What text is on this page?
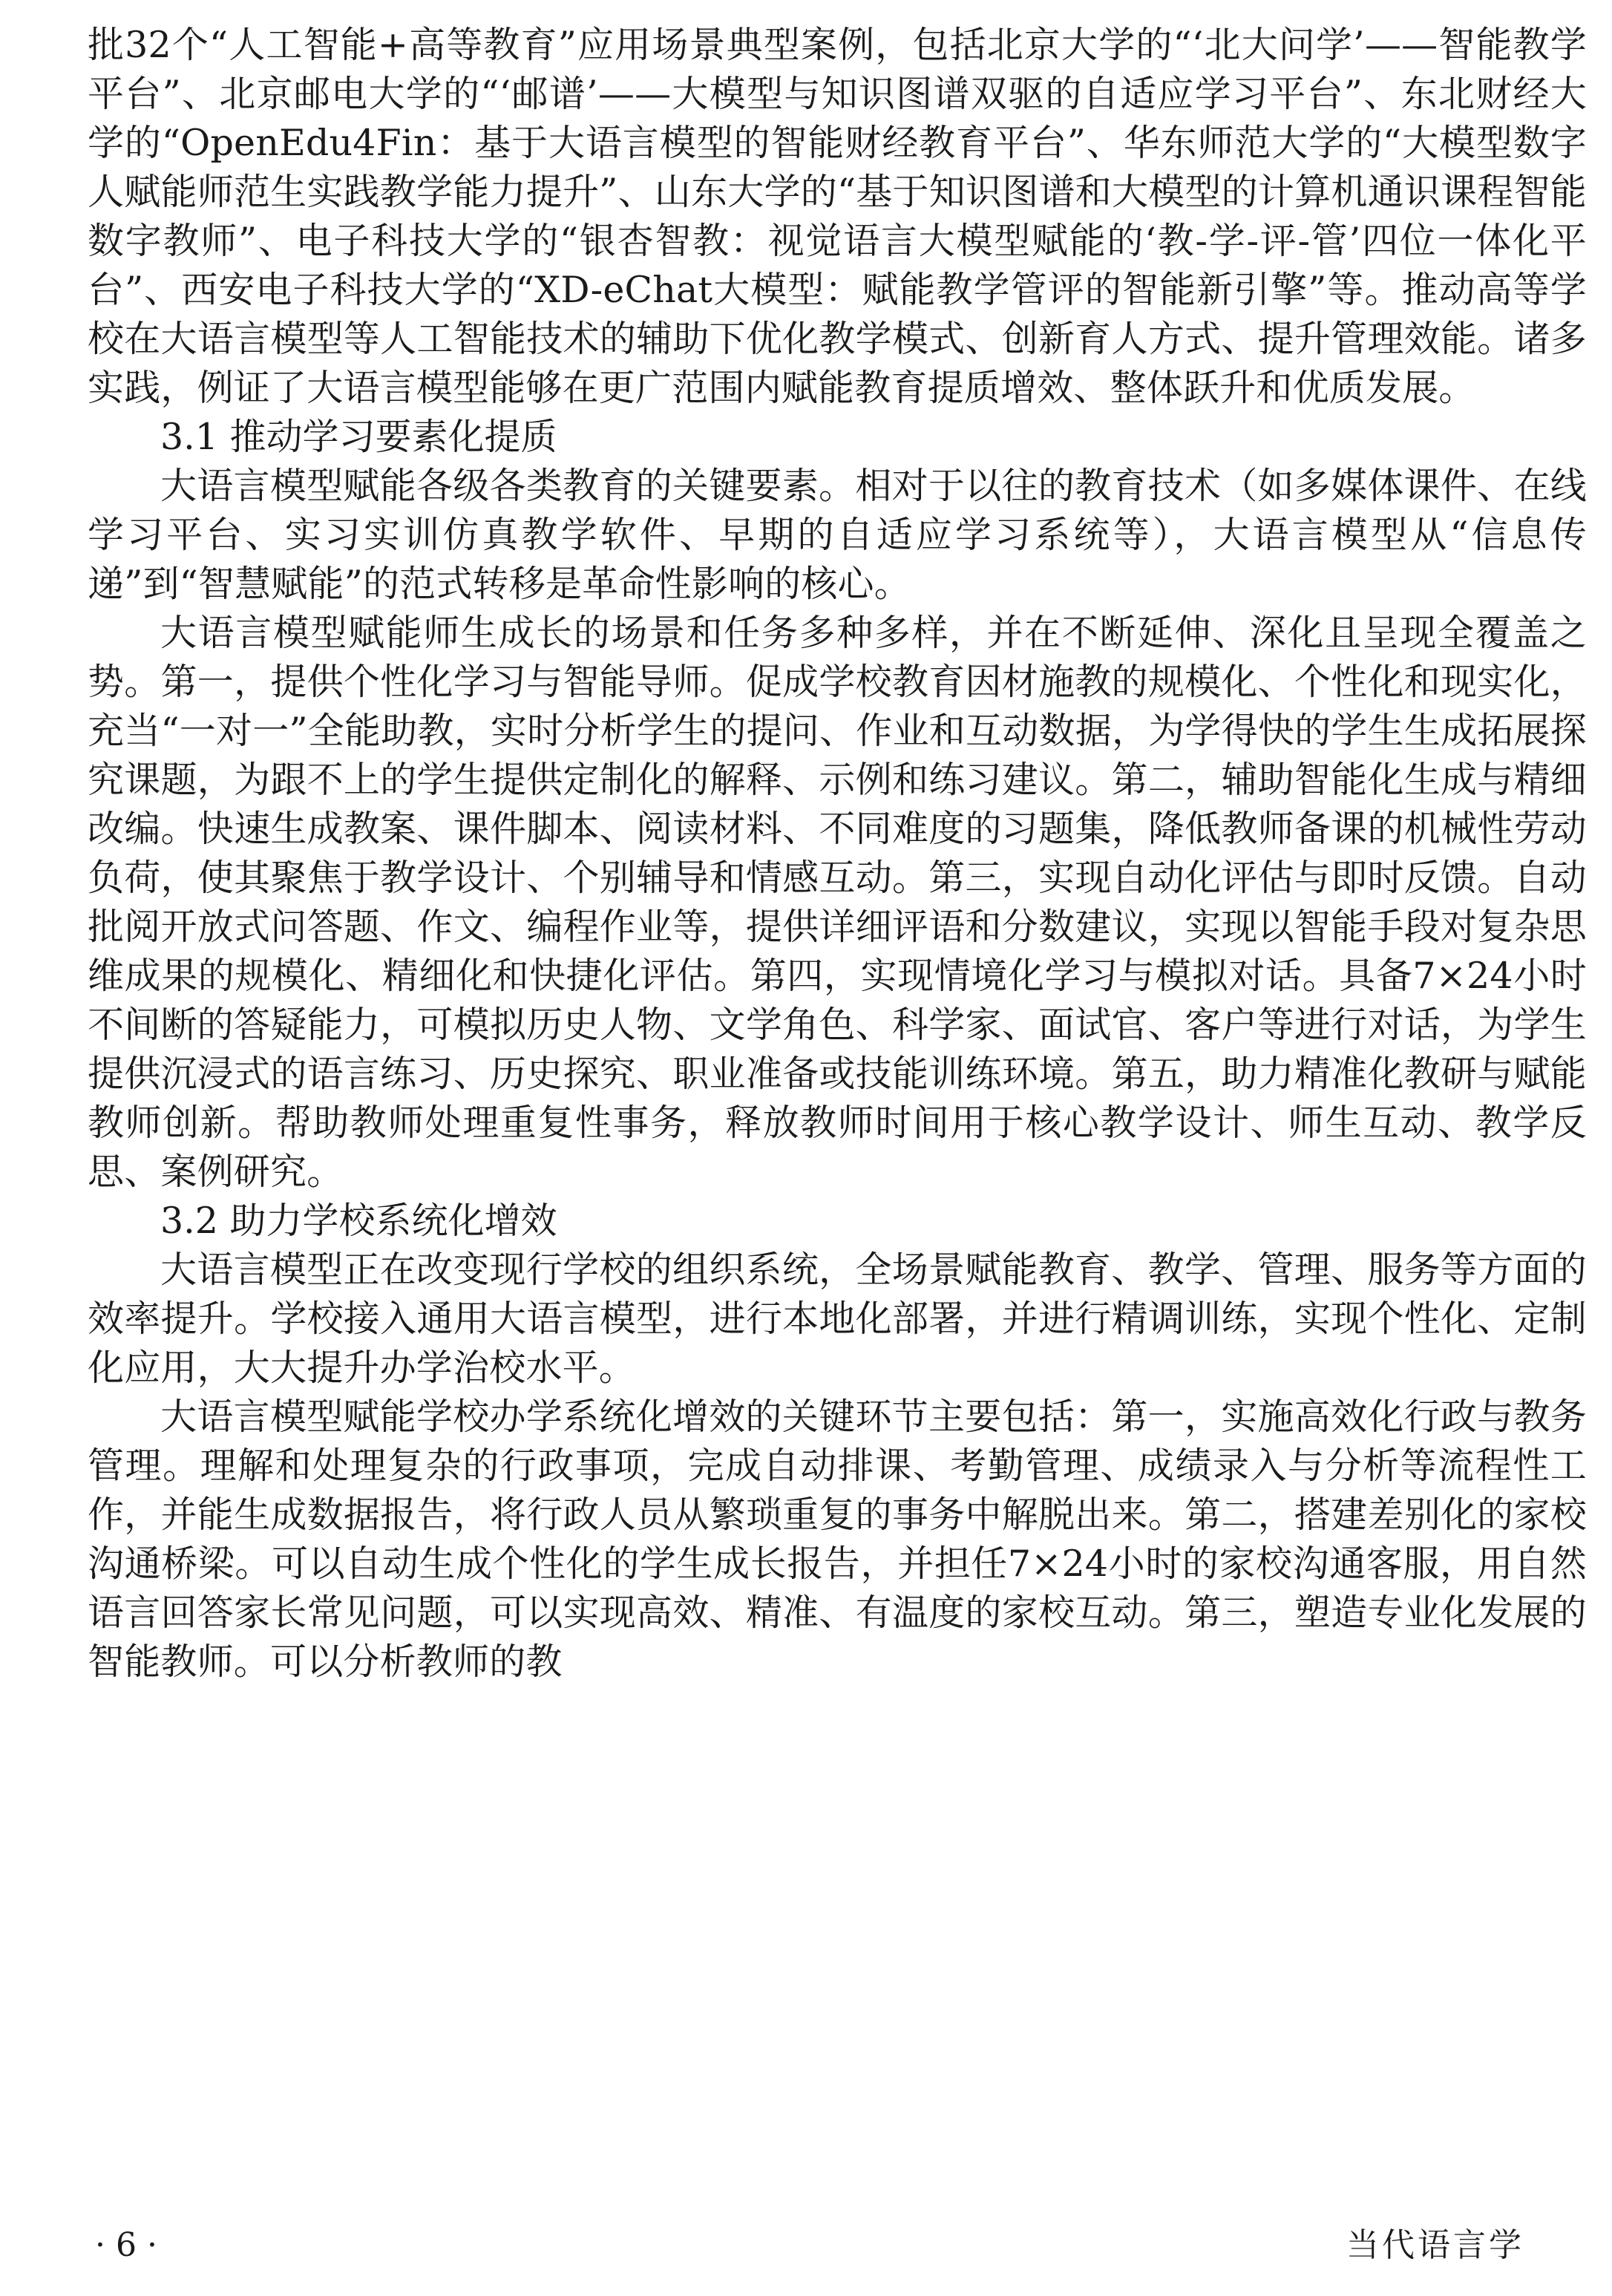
批32个“人工智能+高等教育”应用场景典型案例，包括北京大学的“‘北大问学’——智能教学平台”、北京邮电大学的“‘邮谱’——大模型与知识图谱双驱的自适应学习平台”、东北财经大学的“OpenEdu4Fin：基于大语言模型的智能财经教育平台”、华东师范大学的“大模型数字人赋能师范生实践教学能力提升”、山东大学的“基于知识图谱和大模型的计算机通识课程智能数字教师”、电子科技大学的“银杏智教：视觉语言大模型赋能的‘教-学-评-管’四位一体化平台”、西安电子科技大学的“XD-eChat大模型：赋能教学管评的智能新引擎”等。推动高等学校在大语言模型等人工智能技术的辅助下优化教学模式、创新育人方式、提升管理效能。诸多实践，例证了大语言模型能够在更广范围内赋能教育提质增效、整体跃升和优质发展。

3.1 推动学习要素化提质

大语言模型赋能各级各类教育的关键要素。相对于以往的教育技术（如多媒体课件、在线学习平台、实习实训仿真教学软件、早期的自适应学习系统等），大语言模型从“信息传递”到“智慧赋能”的范式转移是革命性影响的核心。

大语言模型赋能师生成长的场景和任务多种多样，并在不断延伸、深化且呈现全覆盖之势。第一，提供个性化学习与智能导师。促成学校教育因材施教的规模化、个性化和现实化，充当“一对一”全能助教，实时分析学生的提问、作业和互动数据，为学得快的学生生成拓展探究课题，为跟不上的学生提供定制化的解释、示例和练习建议。第二，辅助智能化生成与精细改编。快速生成教案、课件脚本、阅读材料、不同难度的习题集，降低教师备课的机械性劳动负荷，使其聚焦于教学设计、个别辅导和情感互动。第三，实现自动化评估与即时反馈。自动批阅开放式问答题、作文、编程作业等，提供详细评语和分数建议，实现以智能手段对复杂思维成果的规模化、精细化和快捷化评估。第四，实现情境化学习与模拟对话。具备7×24小时不间断的答疑能力，可模拟历史人物、文学角色、科学家、面试官、客户等进行对话，为学生提供沉浸式的语言练习、历史探究、职业准备或技能训练环境。第五，助力精准化教研与赋能教师创新。帮助教师处理重复性事务，释放教师时间用于核心教学设计、师生互动、教学反思、案例研究。

3.2 助力学校系统化增效

大语言模型正在改变现行学校的组织系统，全场景赋能教育、教学、管理、服务等方面的效率提升。学校接入通用大语言模型，进行本地化部署，并进行精调训练，实现个性化、定制化应用，大大提升办学治校水平。

大语言模型赋能学校办学系统化增效的关键环节主要包括：第一，实施高效化行政与教务管理。理解和处理复杂的行政事项，完成自动排课、考勤管理、成绩录入与分析等流程性工作，并能生成数据报告，将行政人员从繁琐重复的事务中解脱出来。第二，搭建差别化的家校沟通桥梁。可以自动生成个性化的学生成长报告，并担任7×24小时的家校沟通客服，用自然语言回答家长常见问题，可以实现高效、精准、有温度的家校互动。第三，塑造专业化发展的智能教师。可以分析教师的教

· 6 ·	当代语言学
